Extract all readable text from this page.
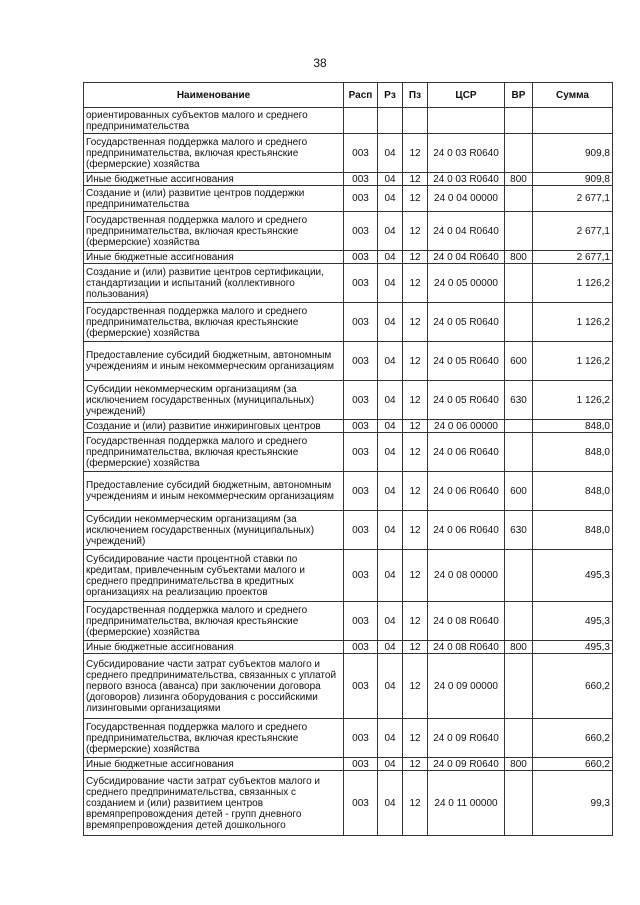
38
Наименование	Расп	Рз	Пз	ЦСР	ВР	Сумма
ориентированных субъектов малого и среднего предпринимательства						
Государственная поддержка малого и среднего предпринимательства, включая крестьянские (фермерские) хозяйства	003	04	12	24 0 03 R0640		909,8
Иные бюджетные ассигнования	003	04	12	24 0 03 R0640	800	909,8
Создание и (или) развитие центров поддержки предпринимательства	003	04	12	24 0 04 00000		2 677,1
Государственная поддержка малого и среднего предпринимательства, включая крестьянские (фермерские) хозяйства	003	04	12	24 0 04 R0640		2 677,1
Иные бюджетные ассигнования	003	04	12	24 0 04 R0640	800	2 677,1
Создание и (или) развитие центров сертификации, стандартизации и испытаний (коллективного пользования)	003	04	12	24 0 05 00000		1 126,2
Государственная поддержка малого и среднего предпринимательства, включая крестьянские (фермерские) хозяйства	003	04	12	24 0 05 R0640		1 126,2
Предоставление субсидий бюджетным, автономным учреждениям и иным некоммерческим организациям	003	04	12	24 0 05 R0640	600	1 126,2
Субсидии некоммерческим организациям (за исключением государственных (муниципальных) учреждений)	003	04	12	24 0 05 R0640	630	1 126,2
Создание и (или) развитие инжиринговых центров	003	04	12	24 0 06 00000		848,0
Государственная поддержка малого и среднего предпринимательства, включая крестьянские (фермерские) хозяйства	003	04	12	24 0 06 R0640		848,0
Предоставление субсидий бюджетным, автономным учреждениям и иным некоммерческим организациям	003	04	12	24 0 06 R0640	600	848,0
Субсидии некоммерческим организациям (за исключением государственных (муниципальных) учреждений)	003	04	12	24 0 06 R0640	630	848,0
Субсидирование части процентной ставки по кредитам, привлеченным субъектами малого и среднего предпринимательства в кредитных организациях на реализацию проектов	003	04	12	24 0 08 00000		495,3
Государственная поддержка малого и среднего предпринимательства, включая крестьянские (фермерские) хозяйства	003	04	12	24 0 08 R0640		495,3
Иные бюджетные ассигнования	003	04	12	24 0 08 R0640	800	495,3
Субсидирование части затрат субъектов малого и среднего предпринимательства, связанных с уплатой первого взноса (аванса) при заключении договора (договоров) лизинга оборудования с российскими лизинговыми организациями	003	04	12	24 0 09 00000		660,2
Государственная поддержка малого и среднего предпринимательства, включая крестьянские (фермерские) хозяйства	003	04	12	24 0 09 R0640		660,2
Иные бюджетные ассигнования	003	04	12	24 0 09 R0640	800	660,2
Субсидирование части затрат субъектов малого и среднего предпринимательства, связанных с созданием и (или) развитием центров времяпрепровождения детей - групп дневного времяпрепровождения детей дошкольного	003	04	12	24 0 11 00000		99,3
